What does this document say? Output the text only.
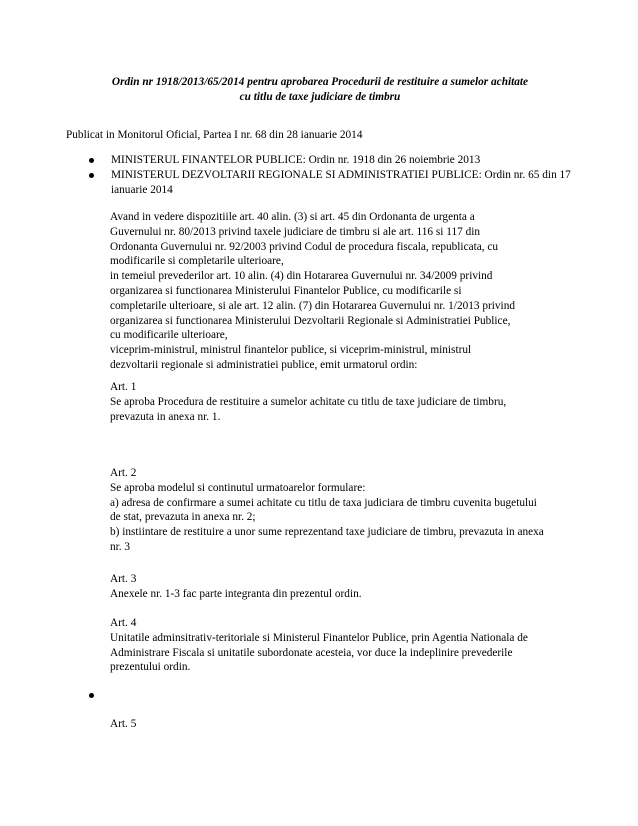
Ordin nr 1918/2013/65/2014 pentru aprobarea Procedurii de restituire a sumelor achitate
cu titlu de taxe judiciare de timbru
Publicat in Monitorul Oficial, Partea I nr. 68 din 28 ianuarie 2014
MINISTERUL FINANTELOR PUBLICE: Ordin nr. 1918 din 26 noiembrie 2013
MINISTERUL DEZVOLTARII REGIONALE SI ADMINISTRATIEI PUBLICE: Ordin nr. 65 din 17 ianuarie 2014
Avand in vedere dispozitiile art. 40 alin. (3) si art. 45 din Ordonanta de urgenta a
Guvernului nr. 80/2013 privind taxele judiciare de timbru si ale art. 116 si 117 din
Ordonanta Guvernului nr. 92/2003 privind Codul de procedura fiscala, republicata, cu
modificarile si completarile ulterioare,
in temeiul prevederilor art. 10 alin. (4) din Hotararea Guvernului nr. 34/2009 privind
organizarea si functionarea Ministerului Finantelor Publice, cu modificarile si
completarile ulterioare, si ale art. 12 alin. (7) din Hotararea Guvernului nr. 1/2013 privind
organizarea si functionarea Ministerului Dezvoltarii Regionale si Administratiei Publice,
cu modificarile ulterioare,
viceprim-ministrul, ministrul finantelor publice, si viceprim-ministrul, ministrul
dezvoltarii regionale si administratiei publice, emit urmatorul ordin:
Art. 1
Se aproba Procedura de restituire a sumelor achitate cu titlu de taxe judiciare de timbru,
prevazuta in anexa nr. 1.
Art. 2
Se aproba modelul si continutul urmatoarelor formulare:
a) adresa de confirmare a sumei achitate cu titlu de taxa judiciara de timbru cuvenita bugetului
de stat, prevazuta in anexa nr. 2;
b) instiintare de restituire a unor sume reprezentand taxe judiciare de timbru, prevazuta in anexa
nr. 3
Art. 3
Anexele nr. 1-3 fac parte integranta din prezentul ordin.
Art. 4
Unitatile adminsitrativ-teritoriale si Ministerul Finantelor Publice, prin Agentia Nationala de
Administrare Fiscala si unitatile subordonate acesteia, vor duce la indeplinire prevederile
prezentului ordin.
Art. 5
